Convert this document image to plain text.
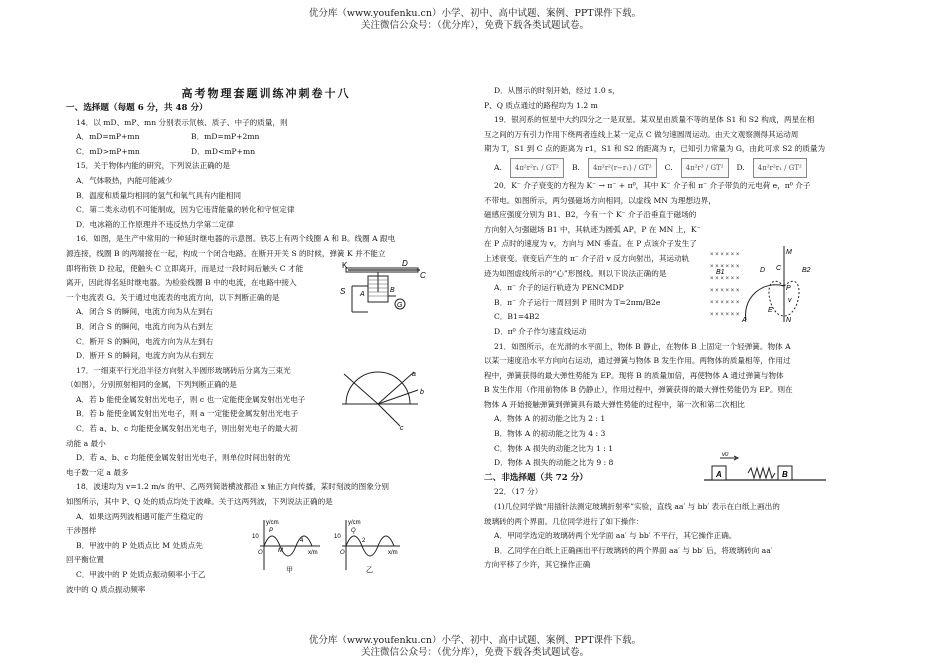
优分库（www.youfenku.cn）小学、初中、高中试题、案例、PPT课件下载。
关注微信公众号：（优分库），免费下载各类试题试卷。
高考物理套题训练冲刺卷十八
一、选择题（每题 6 分，共 48 分）
14．以 mD、mP、mn 分别表示氘核、质子、中子的质量，则
A．mD=mP+mn	B．mD=mP+2mn
C．mD>mP+mn	D．mD<mP+mn
15．关于物体内能的研究，下列说法正确的是
A．气体吸热，内能可能减少
B．温度和质量均相同的氢气和氧气具有内能相同
C．第二类永动机不可能制成，因为它违背能量的转化和守恒定律
D．电冰箱的工作原理并不违反热力学第二定律
16．如图，是生产中常用的一种延时继电器的示意图。铁芯上有两个线圈 A 和 B。线圈 A 跟电
源连接，线圈 B 的两端接在一起，构成一个闭合电路。在断开开关 S 的时候，弹簧 K 并不能立
即将衔铁 D 拉起，使触头 C 立即离开，而是过一段时间后触头 C 才能
离开，因此得名延时继电器。为检验线圈 B 中的电流，在电路中接入
一个电流表 G。关于通过电流表的电流方向，以下判断正确的是
A．闭合 S 的瞬间，电流方向为从左到右
B．闭合 S 的瞬间，电流方向为从右到左
C．断开 S 的瞬间，电流方向为从左到右
D．断开 S 的瞬间，电流方向为从右到左
17．一细束平行光沿半径方向射入半圆形玻璃砖后分离为三束光
（如图），分别照射相同的金属，下列判断正确的是
A．若 b 能使金属发射出光电子，则 c 也一定能使金属发射出光电子
B．若 b 能使金属发射出光电子，则 a 一定能使金属发射出光电子
C．若 a、b、c 均能使金属发射出光电子，则出射光电子的最大初
动能 a 最小
D．若 a、b、c 均能使金属发射出光电子，则单位时间出射的光
电子数一定 a 最多
18．波速均为 v=1.2 m/s 的甲、乙两列简谐横波都沿 x 轴正方向传播，某时刻波的图象分别
如图所示，其中 P、Q 处的质点均处于波峰。关于这两列波，下列说法正确的是
A．如果这两列波相遇可能产生稳定的
干涉图样
B．甲波中的 P 处质点比 M 处质点先
回平衡位置
C．甲波中的 P 处质点振动频率小于乙
波中的 Q 质点振动频率
K	D
C
S A
B
G
a
b
c
y/cm
10
P
M
4
x/m
甲
O
y/cm
10
Q
2
x/m
乙
O
D．从图示的时刻开始，经过 1.0 s，
P、Q 质点通过的路程均为 1.2 m
19．银河系的恒星中大约四分之一是双星。某双星由质量不等的星体 S1 和 S2 构成，两星在相
互之间的万有引力作用下绕两者连线上某一定点 C 做匀速圆周运动。由天文观察测得其运动周
期为 T，S1 到 C 点的距离为 r1，S1 和 S2 的距离为 r，已知引力常量为 G，由此可求 S2 的质量为
A.	4π²r²r₁ / GT²	B.	4π²r²(r−r₁) / GT²	C.	4π²r³ / GT²	D.	4π²r²r₁ / GT²
20．K⁻ 介子衰变的方程为 K⁻ → π⁻ + π⁰，其中 K⁻ 介子和 π⁻ 介子带负的元电荷 e，π⁰ 介子
不带电。如图所示，两匀强磁场方向相同，以虚线 MN 为理想边界，
磁感应强度分别为 B1、B2，今有一个 K⁻ 介子沿垂直于磁场的
方向射入匀强磁场 B1 中，其轨迹为圆弧 AP，P 在 MN 上，K⁻
在 P 点时的速度为 v，方向与 MN 垂直。在 P 点该介子发生了
上述衰变。衰变后产生的 π⁻ 介子沿 v 反方向射出，其运动轨
迹为如图虚线所示的“心”形图线。则以下说法正确的是
A．π⁻ 介子的运行轨迹为 PENCMDP
B．π⁻ 介子运行一周回到 P 用时为 T=2πm/B2e
C．B1=4B2
D．π⁰ 介子作匀速直线运动
21．如图所示，在光滑的水平面上，物体 B 静止，在物体 B 上固定一个轻弹簧。物体 A
以某一速度沿水平方向向右运动，通过弹簧与物体 B 发生作用。两物体的质量相等，作用过
程中，弹簧获得的最大弹性势能为 EP。现将 B 的质量加倍，再使物体 A 通过弹簧与物体
B 发生作用（作用前物体 B 仍静止），作用过程中，弹簧获得的最大弹性势能仍为 EP。则在
物体 A 开始接触弹簧到弹簧具有最大弹性势能的过程中，第一次和第二次相比
A．物体 A 的初动能之比为 2 : 1
B．物体 A 的初动能之比为 4 : 3
C．物体 A 损失的动能之比为 1 : 1
D．物体 A 损失的动能之比为 9 : 8
二、非选择题（共 72 分）
22．（17 分）
(1)几位同学做“用插针法测定玻璃折射率”实验，直线 aa′ 与 bb′ 表示在白纸上画出的
玻璃砖的两个界面。几位同学进行了如下操作：
A．甲同学选定的玻璃砖两个光学面 aa′ 与 bb′ 不平行，其它操作正确。
B．乙同学在白纸上正确画出平行玻璃砖的两个界面 aa′ 与 bb′ 后，将玻璃砖向 aa′
方向平移了少许，其它操作正确
× × × × × ×
× × × × × ×
× × × × × ×
× × × × × ×
× × × × × ×
× × × × × ×
M
B1	D C
P
v
B2
A
E
N
v0
A	B
优分库（www.youfenku.cn）小学、初中、高中试题、案例、PPT课件下载。
关注微信公众号：（优分库），免费下载各类试题试卷。
